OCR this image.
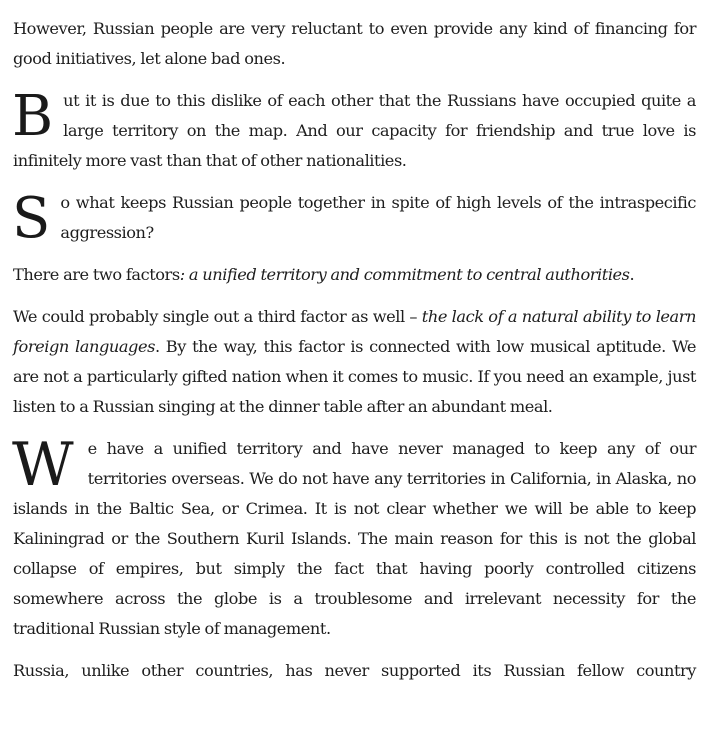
However, Russian people are very reluctant to even provide any kind of financing for good initiatives, let alone bad ones.

But it is due to this dislike of each other that the Russians have occupied quite a large territory on the map. And our capacity for friendship and true love is infinitely more vast than that of other nationalities.

So what keeps Russian people together in spite of high levels of the intraspecific aggression?

There are two factors: a unified territory and commitment to central authorities.

We could probably single out a third factor as well – the lack of a natural ability to learn foreign languages. By the way, this factor is connected with low musical aptitude. We are not a particularly gifted nation when it comes to music. If you need an example, just listen to a Russian singing at the dinner table after an abundant meal.

We have a unified territory and have never managed to keep any of our territories overseas. We do not have any territories in California, in Alaska, no islands in the Baltic Sea, or Crimea. It is not clear whether we will be able to keep Kaliningrad or the Southern Kuril Islands. The main reason for this is not the global collapse of empires, but simply the fact that having poorly controlled citizens somewhere across the globe is a troublesome and irrelevant necessity for the traditional Russian style of management.

Russia, unlike other countries, has never supported its Russian fellow country
